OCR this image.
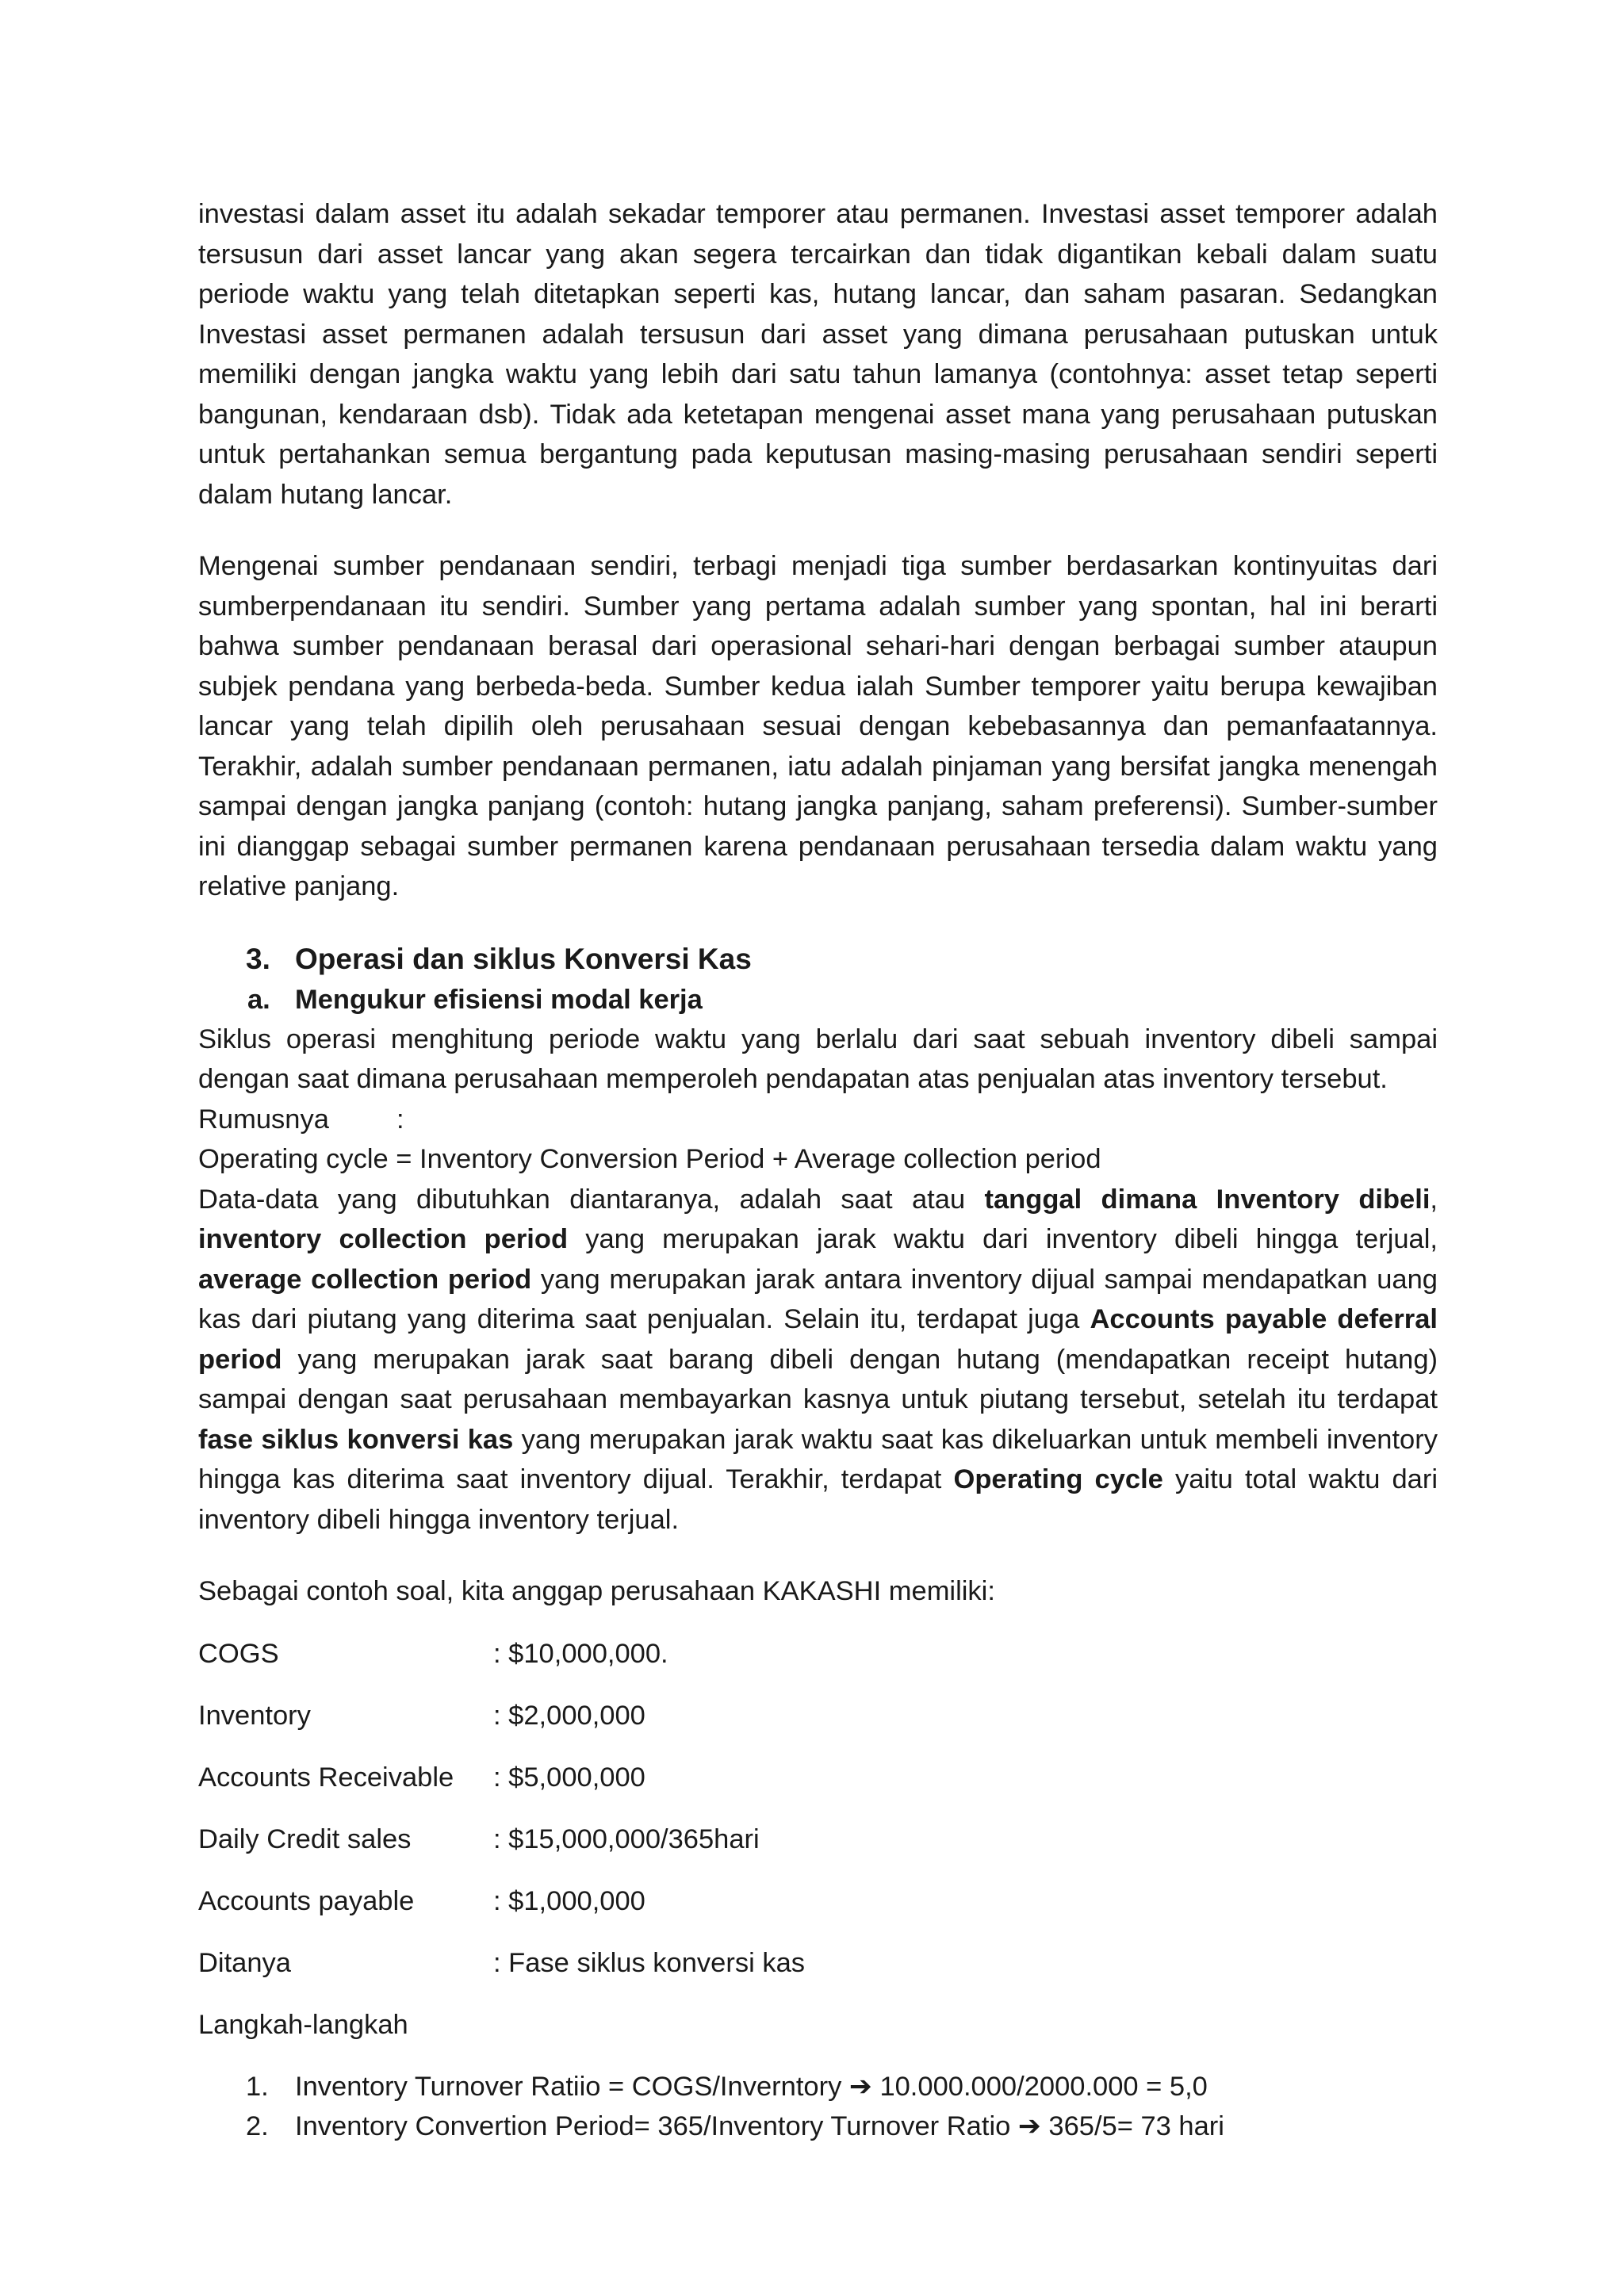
investasi dalam asset itu adalah sekadar temporer atau permanen. Investasi asset temporer adalah tersusun dari asset lancar yang akan segera tercairkan dan tidak digantikan kebali dalam suatu periode waktu yang telah ditetapkan seperti kas, hutang lancar, dan saham pasaran. Sedangkan Investasi asset permanen adalah tersusun dari asset yang dimana perusahaan putuskan untuk memiliki dengan jangka waktu yang lebih dari satu tahun lamanya (contohnya: asset tetap seperti bangunan, kendaraan dsb). Tidak ada ketetapan mengenai asset mana yang perusahaan putuskan untuk pertahankan semua bergantung pada keputusan masing-masing perusahaan sendiri seperti dalam hutang lancar.

Mengenai sumber pendanaan sendiri, terbagi menjadi tiga sumber berdasarkan kontinyuitas dari sumberpendanaan itu sendiri. Sumber yang pertama adalah sumber yang spontan, hal ini berarti bahwa sumber pendanaan berasal dari operasional sehari-hari dengan berbagai sumber ataupun subjek pendana yang berbeda-beda. Sumber kedua ialah Sumber temporer yaitu berupa kewajiban lancar yang telah dipilih oleh perusahaan sesuai dengan kebebasannya dan pemanfaatannya. Terakhir, adalah sumber pendanaan permanen, iatu adalah pinjaman yang bersifat jangka menengah sampai dengan jangka panjang (contoh: hutang jangka panjang, saham preferensi). Sumber-sumber ini dianggap sebagai sumber permanen karena pendanaan perusahaan tersedia dalam waktu yang relative panjang.

3. Operasi dan siklus Konversi Kas
a. Mengukur efisiensi modal kerja

Siklus operasi menghitung periode waktu yang berlalu dari saat sebuah inventory dibeli sampai dengan saat dimana perusahaan memperoleh pendapatan atas penjualan atas inventory tersebut.

Rumusnya :

Operating cycle = Inventory Conversion Period + Average collection period

Data-data yang dibutuhkan diantaranya, adalah saat atau tanggal dimana Inventory dibeli, inventory collection period yang merupakan jarak waktu dari inventory dibeli hingga terjual, average collection period yang merupakan jarak antara inventory dijual sampai mendapatkan uang kas dari piutang yang diterima saat penjualan. Selain itu, terdapat juga Accounts payable deferral period yang merupakan jarak saat barang dibeli dengan hutang (mendapatkan receipt hutang) sampai dengan saat perusahaan membayarkan kasnya untuk piutang tersebut, setelah itu terdapat fase siklus konversi kas yang merupakan jarak waktu saat kas dikeluarkan untuk membeli inventory hingga kas diterima saat inventory dijual. Terakhir, terdapat Operating cycle yaitu total waktu dari inventory dibeli hingga inventory terjual.

Sebagai contoh soal, kita anggap perusahaan KAKASHI memiliki:

COGS	: $10,000,000.
Inventory	: $2,000,000
Accounts Receivable	: $5,000,000
Daily Credit sales	: $15,000,000/365hari
Accounts payable	: $1,000,000
Ditanya	: Fase siklus konversi kas

Langkah-langkah

1. Inventory Turnover Ratiio = COGS/Inverntory ➔ 10.000.000/2000.000 = 5,0
2. Inventory Convertion Period= 365/Inventory Turnover Ratio ➔ 365/5= 73 hari
